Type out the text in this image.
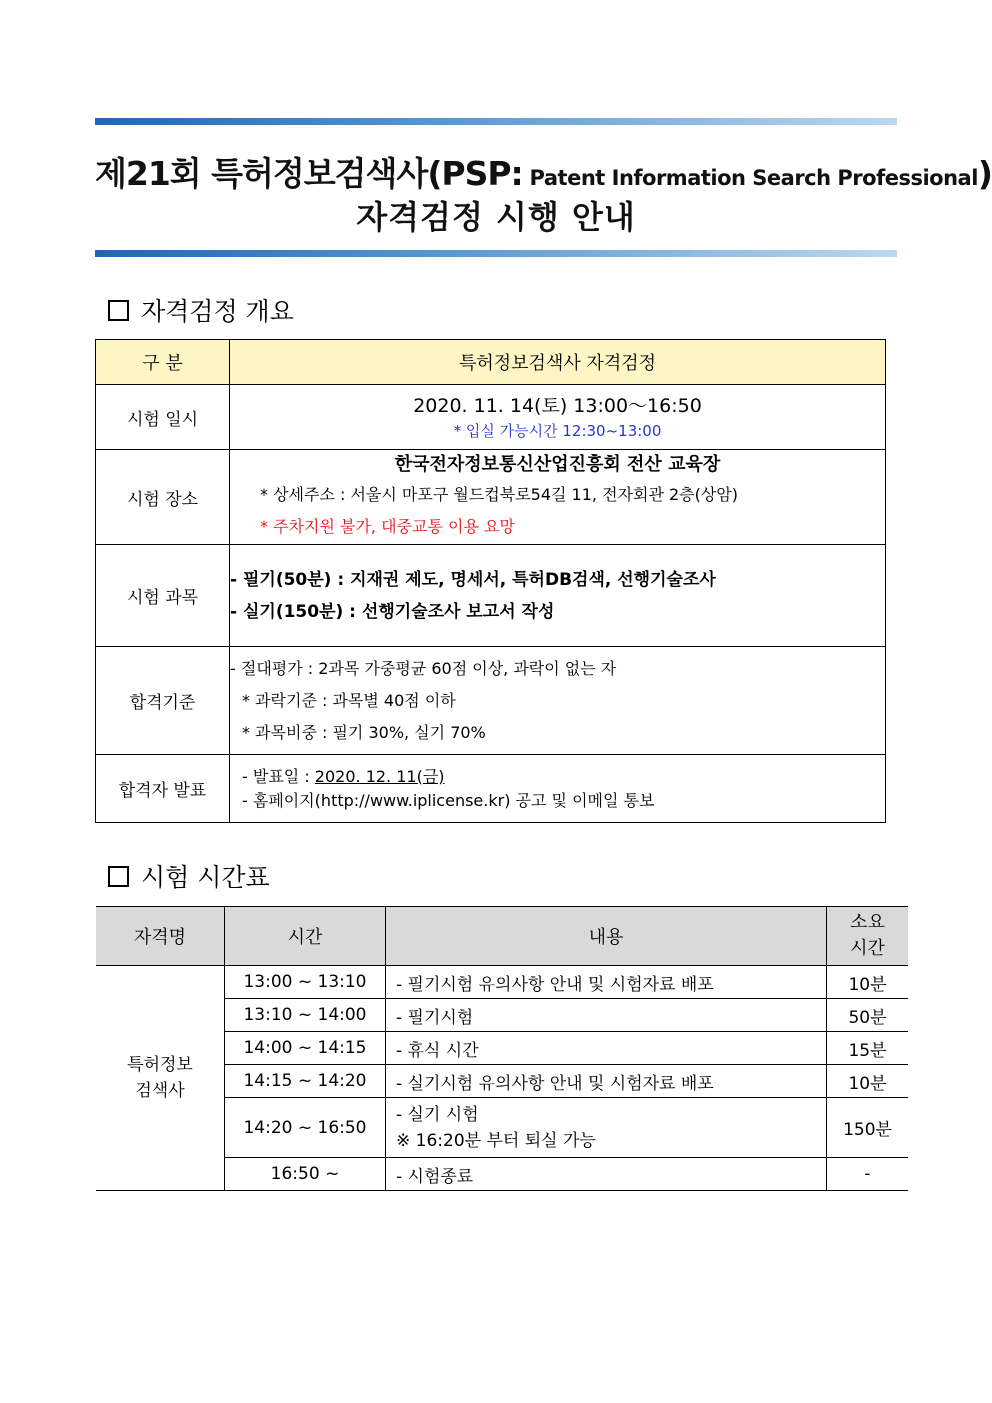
제21회 특허정보검색사(PSP: Patent Information Search Professional)
자격검정 시행 안내
자격검정 개요
구 분	특허정보검색사 자격검정
시험 일시	2020. 11. 14(토) 13:00～16:50
* 입실 가능시간 12:30~13:00

시험 장소	한국전자정보통신산업진흥회 전산 교육장
* 상세주소 : 서울시 마포구 월드컵북로54길 11, 전자회관 2층(상암)
* 주차지원 불가, 대중교통 이용 요망

시험 과목	- 필기(50분) : 지재권 제도, 명세서, 특허DB검색, 선행기술조사
- 실기(150분) : 선행기술조사 보고서 작성

합격기준	- 절대평가 : 2과목 가중평균 60점 이상, 과락이 없는 자
* 과락기준 : 과목별 40점 이하
* 과목비중 : 필기 30%, 실기 70%

합격자 발표	- 발표일 : 2020. 12. 11(금)
- 홈페이지(http://www.iplicense.kr) 공고 및 이메일 통보
시험 시간표
자격명	시간	내용	소요
시간

특허정보
검색사	13:00 ~ 13:10	- 필기시험 유의사항 안내 및 시험자료 배포	10분
	13:10 ~ 14:00	- 필기시험	50분
	14:00 ~ 14:15	- 휴식 시간	15분
	14:15 ~ 14:20	- 실기시험 유의사항 안내 및 시험자료 배포	10분
	14:20 ~ 16:50	- 실기 시험
※ 16:20분 부터 퇴실 가능	150분
	16:50 ~	- 시험종료	-
